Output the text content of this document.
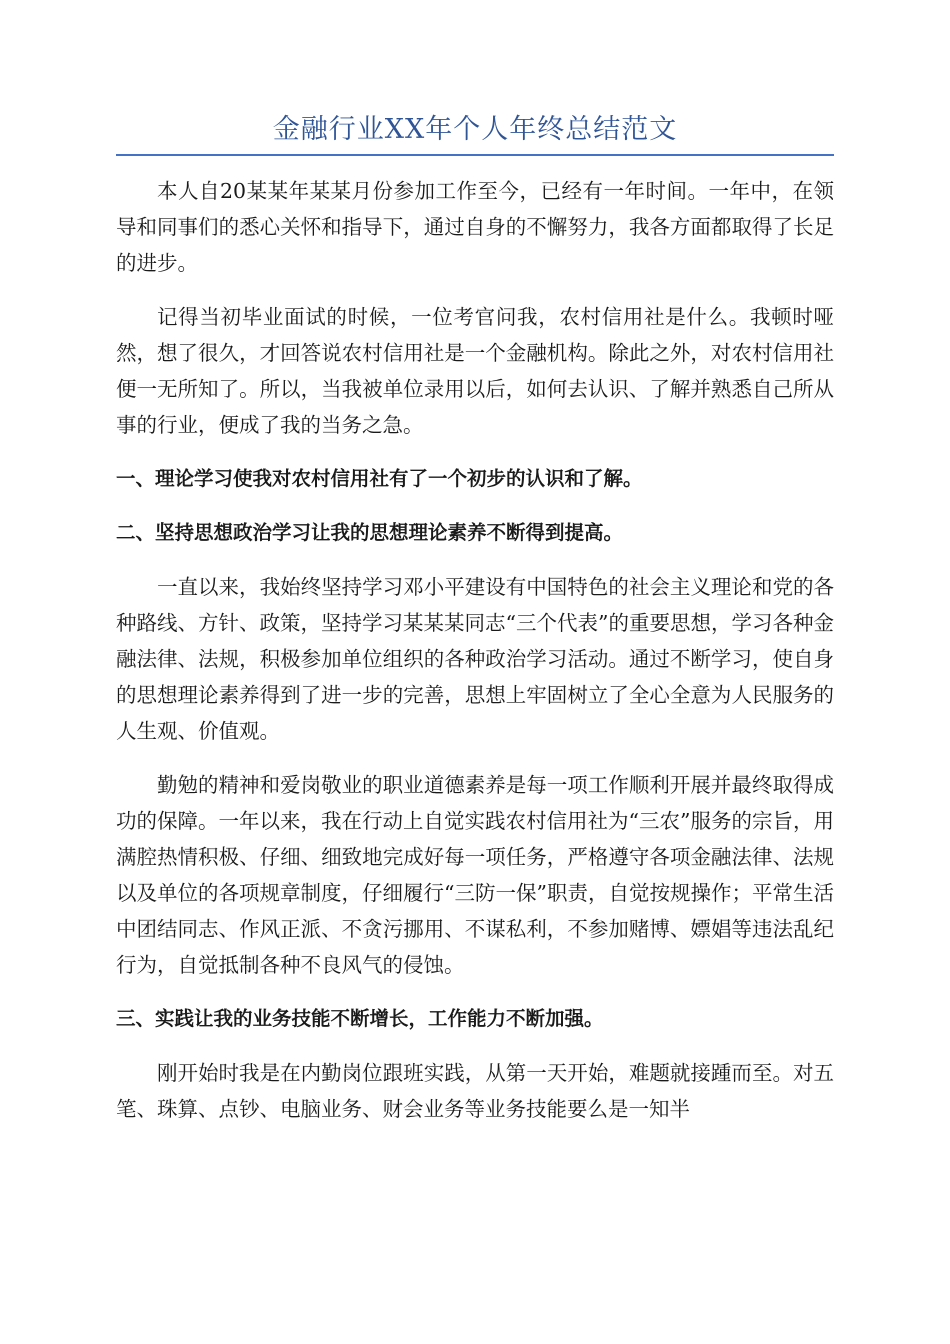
金融行业XX年个人年终总结范文

本人自20某某年某某月份参加工作至今，已经有一年时间。一年中，在领导和同事们的悉心关怀和指导下，通过自身的不懈努力，我各方面都取得了长足的进步。

记得当初毕业面试的时候，一位考官问我，农村信用社是什么。我顿时哑然，想了很久，才回答说农村信用社是一个金融机构。除此之外，对农村信用社便一无所知了。所以，当我被单位录用以后，如何去认识、了解并熟悉自己所从事的行业，便成了我的当务之急。

一、理论学习使我对农村信用社有了一个初步的认识和了解。

二、坚持思想政治学习让我的思想理论素养不断得到提高。

一直以来，我始终坚持学习邓小平建设有中国特色的社会主义理论和党的各种路线、方针、政策，坚持学习某某某同志“三个代表”的重要思想，学习各种金融法律、法规，积极参加单位组织的各种政治学习活动。通过不断学习，使自身的思想理论素养得到了进一步的完善，思想上牢固树立了全心全意为人民服务的人生观、价值观。

勤勉的精神和爱岗敬业的职业道德素养是每一项工作顺利开展并最终取得成功的保障。一年以来，我在行动上自觉实践农村信用社为“三农”服务的宗旨，用满腔热情积极、仔细、细致地完成好每一项任务，严格遵守各项金融法律、法规以及单位的各项规章制度，仔细履行“三防一保”职责，自觉按规操作；平常生活中团结同志、作风正派、不贪污挪用、不谋私利，不参加赌博、嫖娼等违法乱纪行为，自觉抵制各种不良风气的侵蚀。

三、实践让我的业务技能不断增长，工作能力不断加强。

刚开始时我是在内勤岗位跟班实践，从第一天开始，难题就接踵而至。对五笔、珠算、点钞、电脑业务、财会业务等业务技能要么是一知半
